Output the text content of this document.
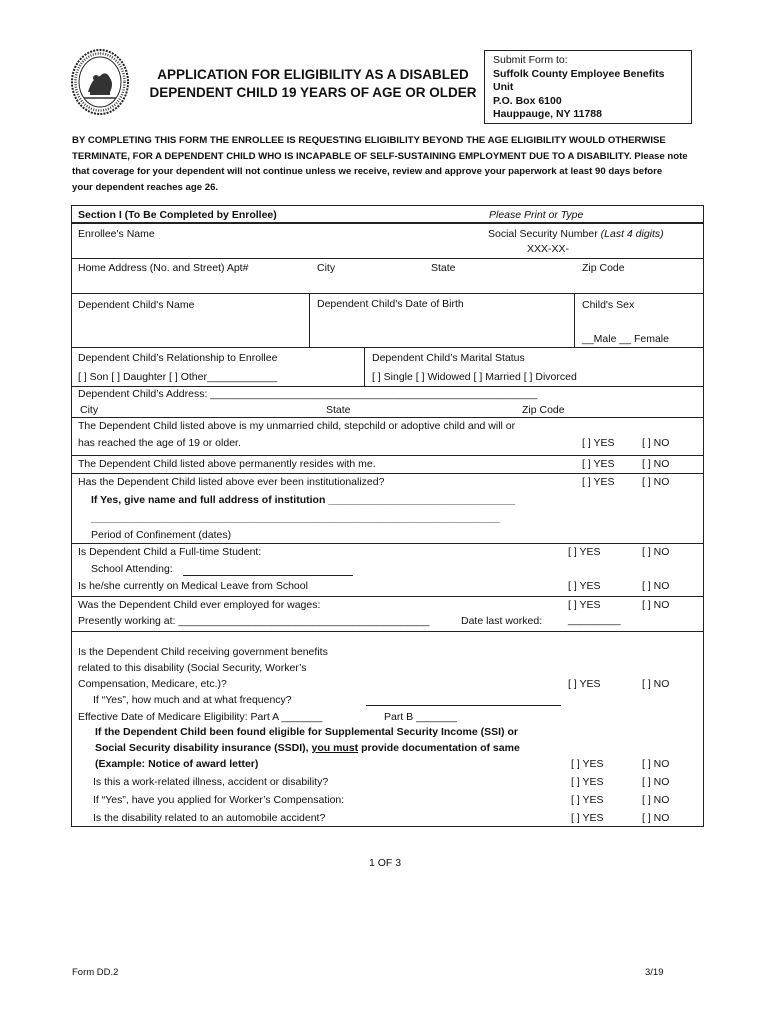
APPLICATION FOR ELIGIBILITY AS A DISABLED
DEPENDENT CHILD 19 YEARS OF AGE OR OLDER
Submit Form to:
Suffolk County Employee Benefits
Unit
P.O. Box 6100
Hauppauge, NY 11788
BY COMPLETING THIS FORM THE ENROLLEE IS REQUESTING ELIGIBILITY BEYOND THE AGE ELIGIBILITY WOULD OTHERWISE
TERMINATE, FOR A DEPENDENT CHILD WHO IS INCAPABLE OF SELF-SUSTAINING EMPLOYMENT DUE TO A DISABILITY. Please note
that coverage for your dependent will not continue unless we receive, review and approve your paperwork at least 90 days before
your dependent reaches age 26.
Section I (To Be Completed by Enrollee)	Please Print or Type
Enrollee's Name	Social Security Number (Last 4 digits)
XXX-XX-
Home Address (No. and Street) Apt#	City	State	Zip Code
Dependent Child's Name	Dependent Child's Date of Birth	Child's Sex
__Male __ Female
Dependent Child’s Relationship to Enrollee
[ ] Son [ ] Daughter [ ] Other____________
Dependent Child’s Marital Status
[ ] Single [ ] Widowed [ ] Married [ ] Divorced
Dependent Child’s Address: ________________________________________________________
City	State	Zip Code
The Dependent Child listed above is my unmarried child, stepchild or adoptive child and will or
has reached the age of 19 or older.	[ ] YES	[ ] NO
The Dependent Child listed above permanently resides with me.	[ ] YES	[ ] NO
Has the Dependent Child listed above ever been institutionalized?	[ ] YES	[ ] NO
If Yes, give name and full address of institution ________________________________
______________________________________________________________________
Period of Confinement (dates)
Is Dependent Child a Full-time Student:	[ ] YES	[ ] NO
School Attending:
Is he/she currently on Medical Leave from School	[ ] YES	[ ] NO
Was the Dependent Child ever employed for wages:	[ ] YES	[ ] NO
Presently working at: ___________________________________________	Date last worked: _________
Is the Dependent Child receiving government benefits
related to this disability (Social Security, Worker’s
Compensation, Medicare, etc.)?	[ ] YES	[ ] NO
If “Yes”, how much and at what frequency?
Effective Date of Medicare Eligibility: Part A _______	Part B _______
If the Dependent Child been found eligible for Supplemental Security Income (SSI) or
Social Security disability insurance (SSDI), you must provide documentation of same
(Example: Notice of award letter)	[ ] YES	[ ] NO
Is this a work-related illness, accident or disability?	[ ] YES	[ ] NO
If “Yes”, have you applied for Worker’s Compensation:	[ ] YES	[ ] NO
Is the disability related to an automobile accident?	[ ] YES	[ ] NO
1 OF 3
Form DD.2	3/19
